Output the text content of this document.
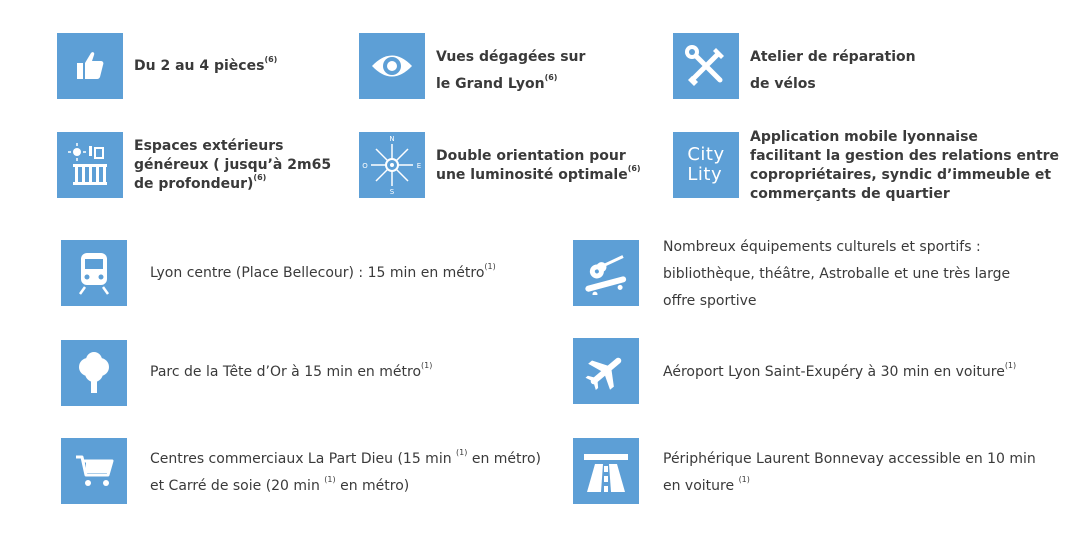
Du 2 au 4 pièces$^{(6)}$	Vues dégagées sur
le Grand Lyon$^{(6)}$
Atelier de réparation
de vélos
Espaces extérieurs
généreux ( jusqu’à 2m65
de profondeur)$^{(6)}$
N
S
E
O
Double orientation pour
une luminosité optimale$^{(6)}$
City
Lity
Application mobile lyonnaise
facilitant la gestion des relations entre
copropriétaires, syndic d’immeuble et
commerçants de quartier
Lyon centre (Place Bellecour) : 15 min en métro$^{(1)}$
Parc de la Tête d’Or à 15 min en métro$^{(1)}$
Centres commerciaux La Part Dieu (15 min $^{(1)}$ en métro)
et Carré de soie (20 min $^{(1)}$ en métro)
Nombreux équipements culturels et sportifs :
bibliothèque, théâtre, Astroballe et une très large
offre sportive
Aéroport Lyon Saint-Exupéry à 30 min en voiture$^{(1)}$
Périphérique Laurent Bonnevay accessible en 10 min
en voiture $^{(1)}$
